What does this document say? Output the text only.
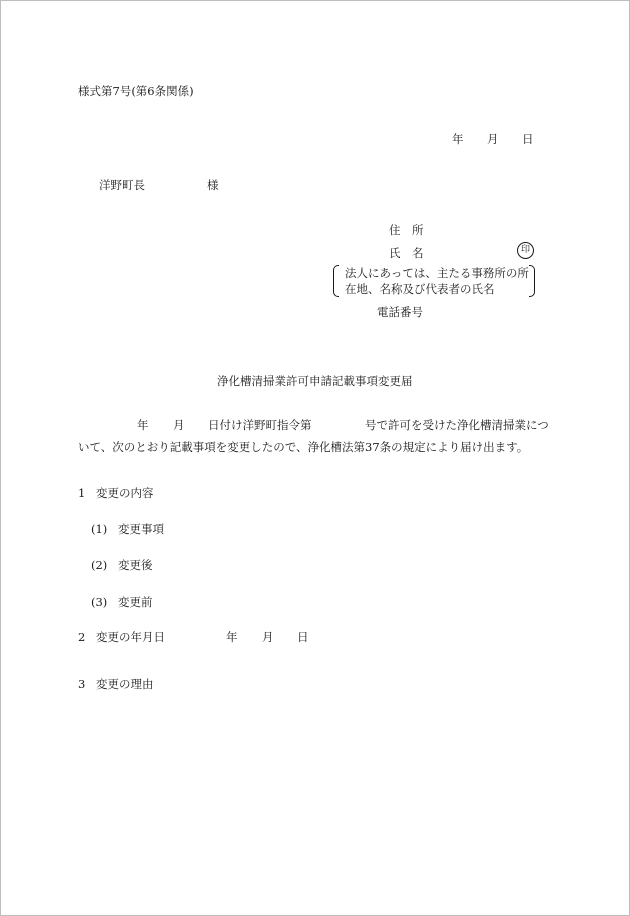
様式第7号(第6条関係)
年 月 日
洋野町長	様
住　所
氏　名	印
法人にあっては、主たる事務所の所
在地、名称及び代表者の氏名
電話番号
浄化槽清掃業許可申請記載事項変更届
年 月 日付け洋野町指令第	号で許可を受けた浄化槽清掃業につ
いて、次のとおり記載事項を変更したので、浄化槽法第37条の規定により届け出ます。
1 変更の内容
(1) 変更事項
(2) 変更後
(3) 変更前
2 変更の年月日	年 月 日
3 変更の理由
